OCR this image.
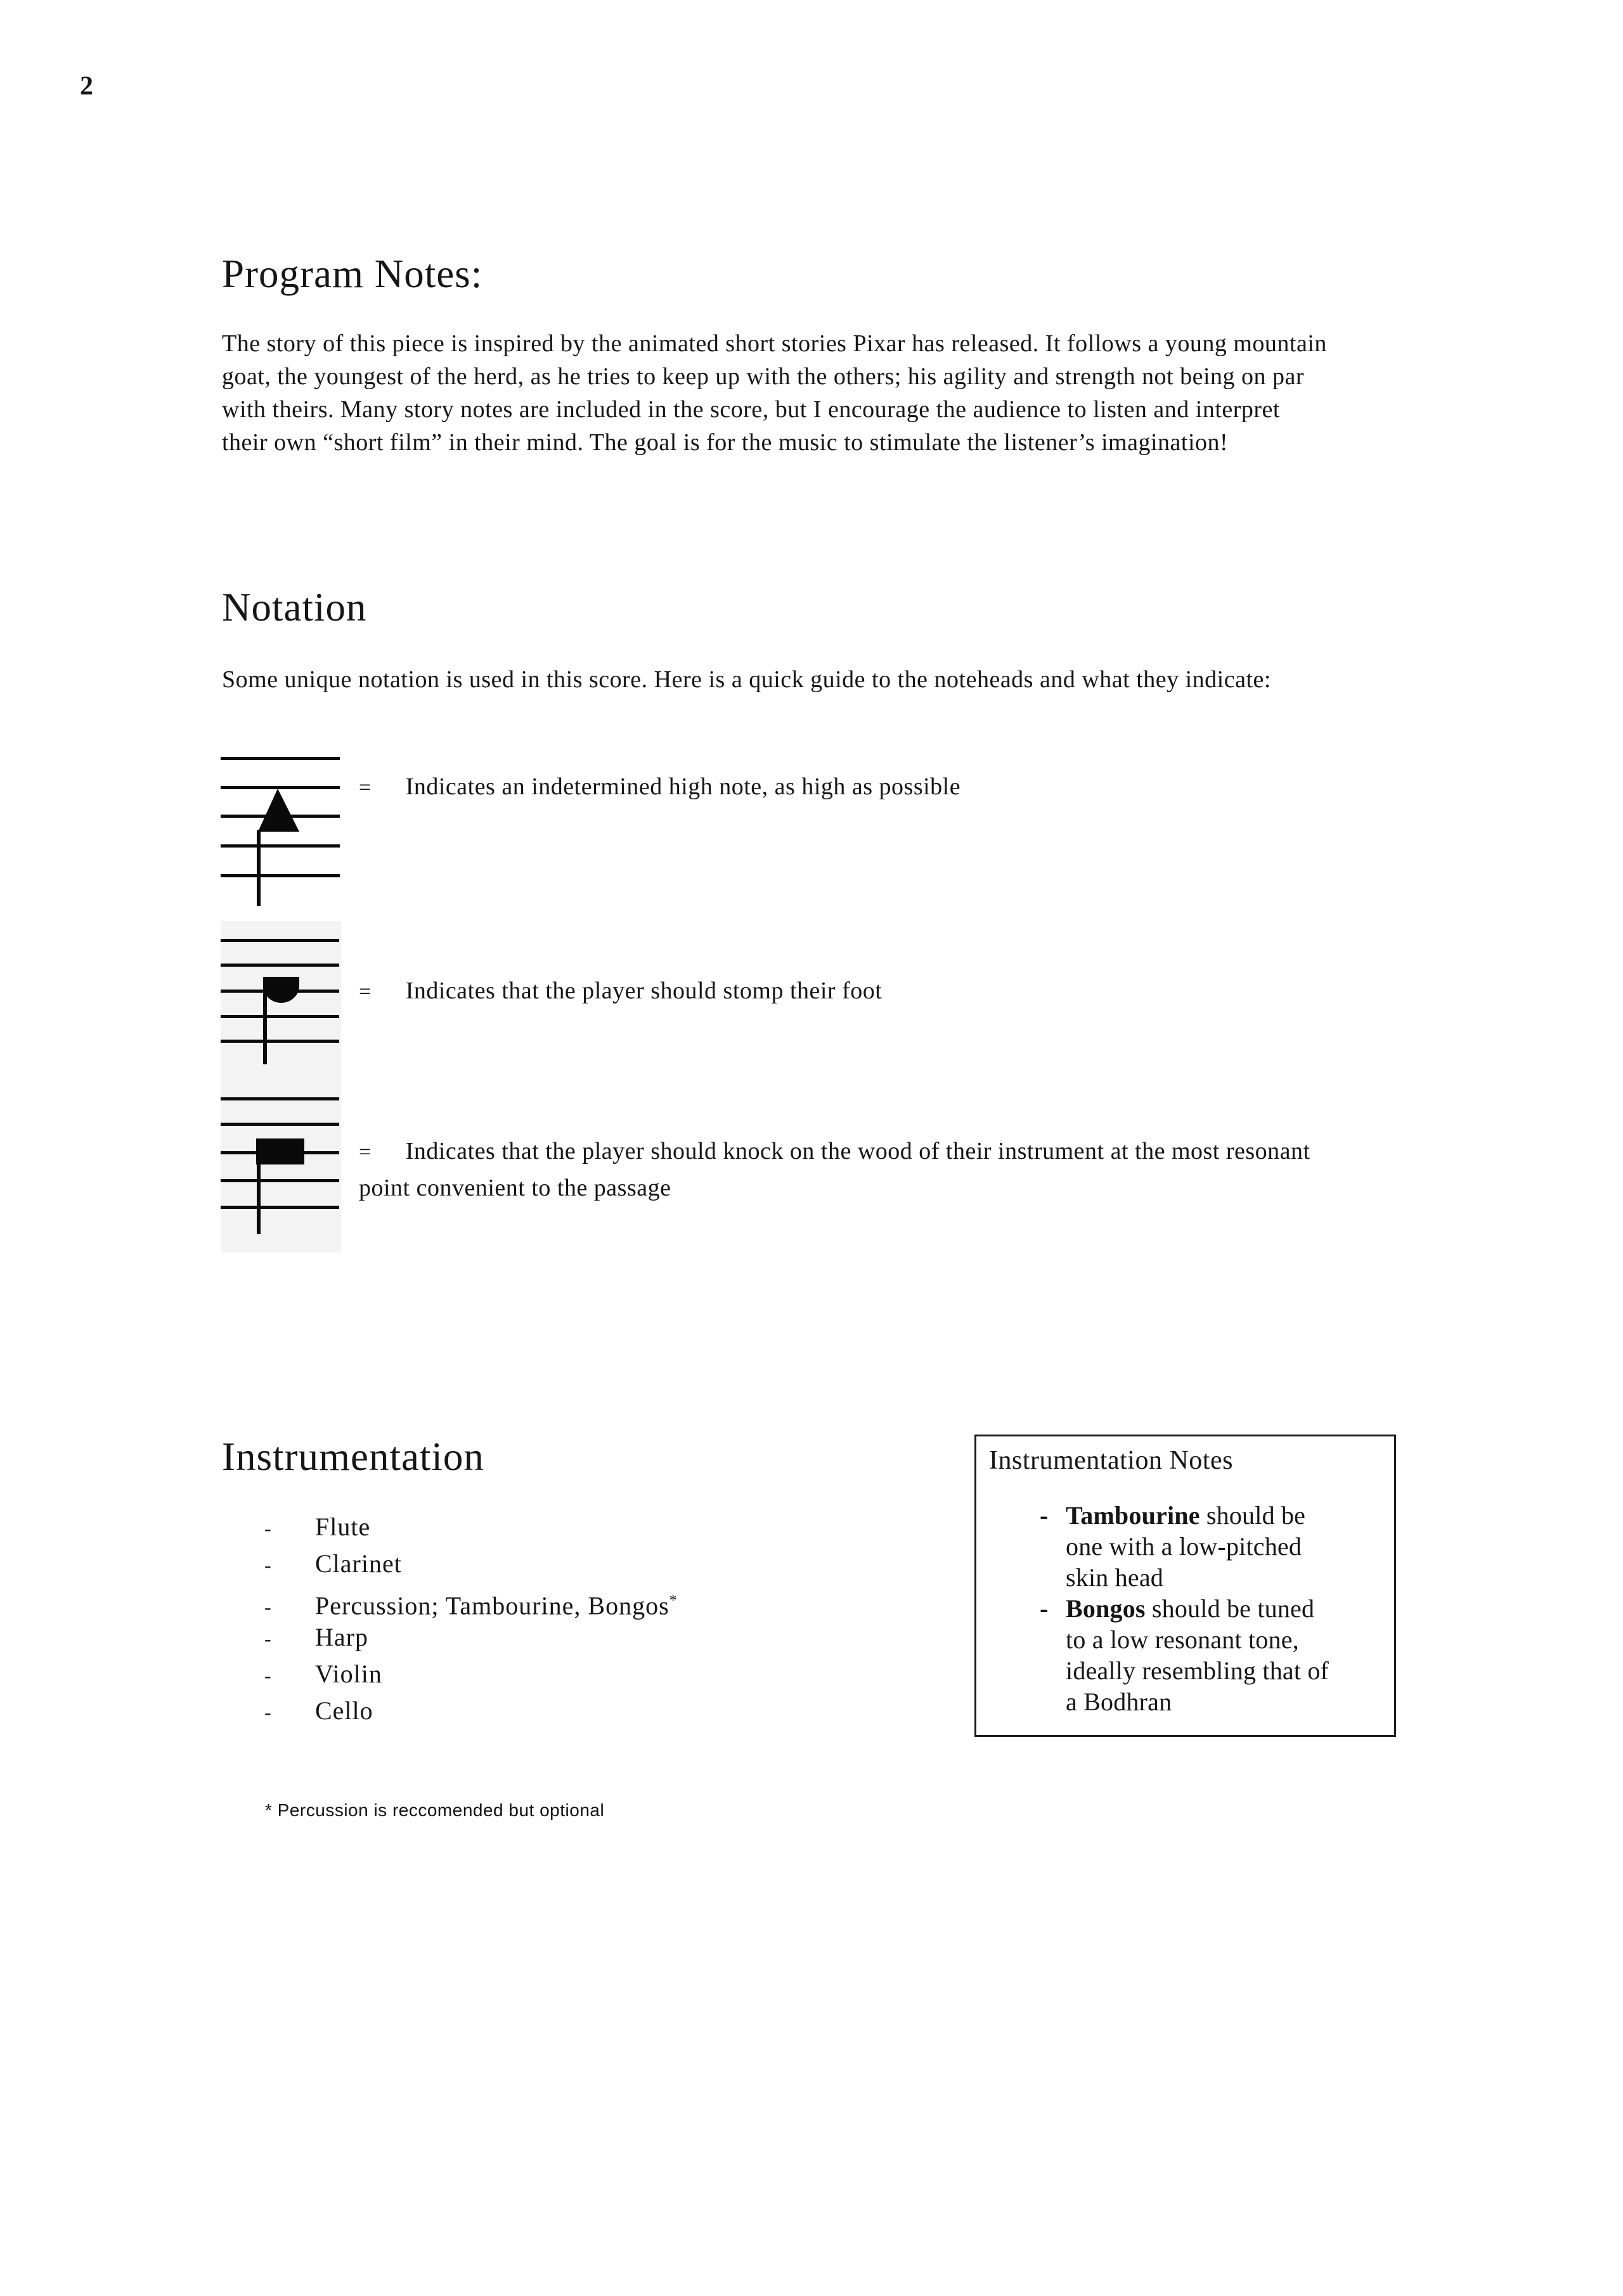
2
Program Notes:
The story of this piece is inspired by the animated short stories Pixar has released. It follows a young mountain
goat, the youngest of the herd, as he tries to keep up with the others; his agility and strength not being on par
with theirs. Many story notes are included in the score, but I encourage the audience to listen and interpret
their own “short film” in their mind. The goal is for the music to stimulate the listener’s imagination!
Notation
Some unique notation is used in this score. Here is a quick guide to the noteheads and what they indicate:
= Indicates an indetermined high note, as high as possible
= Indicates that the player should stomp their foot
= Indicates that the player should knock on the wood of their instrument at the most resonant
point convenient to the passage
Instrumentation
-	Flute
-	Clarinet
-	Percussion; Tambourine, Bongos*
-	Harp
-	Violin
-	Cello
Instrumentation Notes
- Tambourine should be
one with a low-pitched
skin head
- Bongos should be tuned
to a low resonant tone,
ideally resembling that of
a Bodhran
* Percussion is reccomended but optional
